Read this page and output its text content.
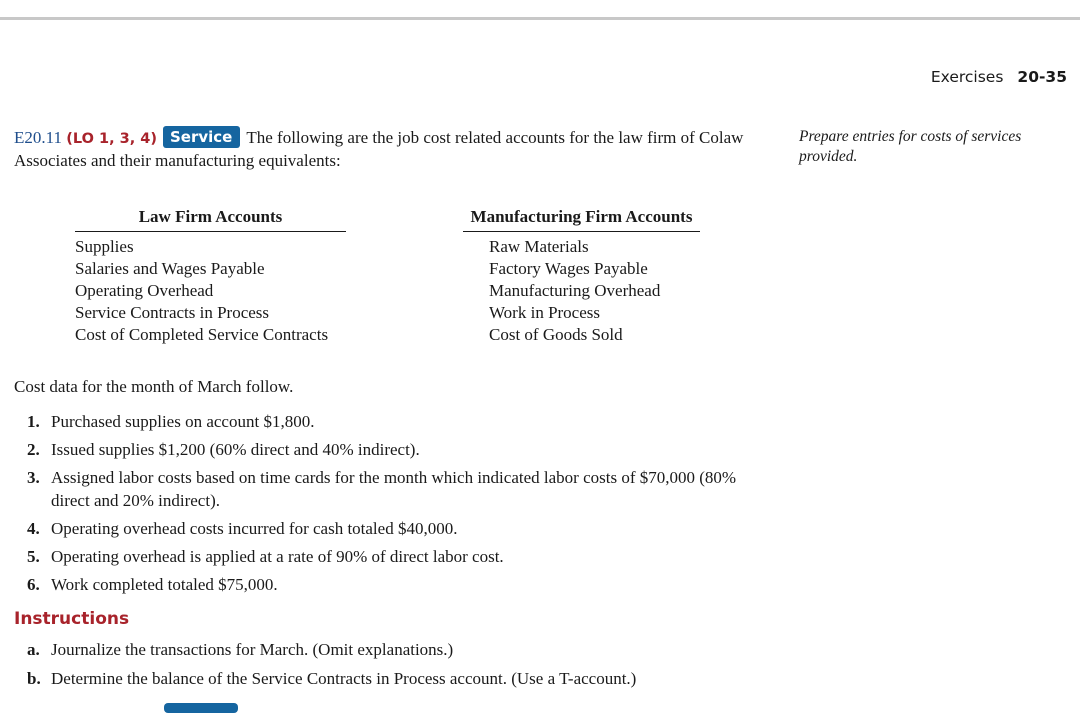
Exercises 20-35
E20.11 (LO 1, 3, 4) Service The following are the job cost related accounts for the law firm of Colaw Associates and their manufacturing equivalents:
Prepare entries for costs of services provided.
Law Firm Accounts
Supplies
Salaries and Wages Payable
Operating Overhead
Service Contracts in Process
Cost of Completed Service Contracts
Manufacturing Firm Accounts
Raw Materials
Factory Wages Payable
Manufacturing Overhead
Work in Process
Cost of Goods Sold
Cost data for the month of March follow.
1. Purchased supplies on account $1,800.
2. Issued supplies $1,200 (60% direct and 40% indirect).
3. Assigned labor costs based on time cards for the month which indicated labor costs of $70,000 (80% direct and 20% indirect).
4. Operating overhead costs incurred for cash totaled $40,000.
5. Operating overhead is applied at a rate of 90% of direct labor cost.
6. Work completed totaled $75,000.
Instructions
a. Journalize the transactions for March. (Omit explanations.)
b. Determine the balance of the Service Contracts in Process account. (Use a T-account.)
